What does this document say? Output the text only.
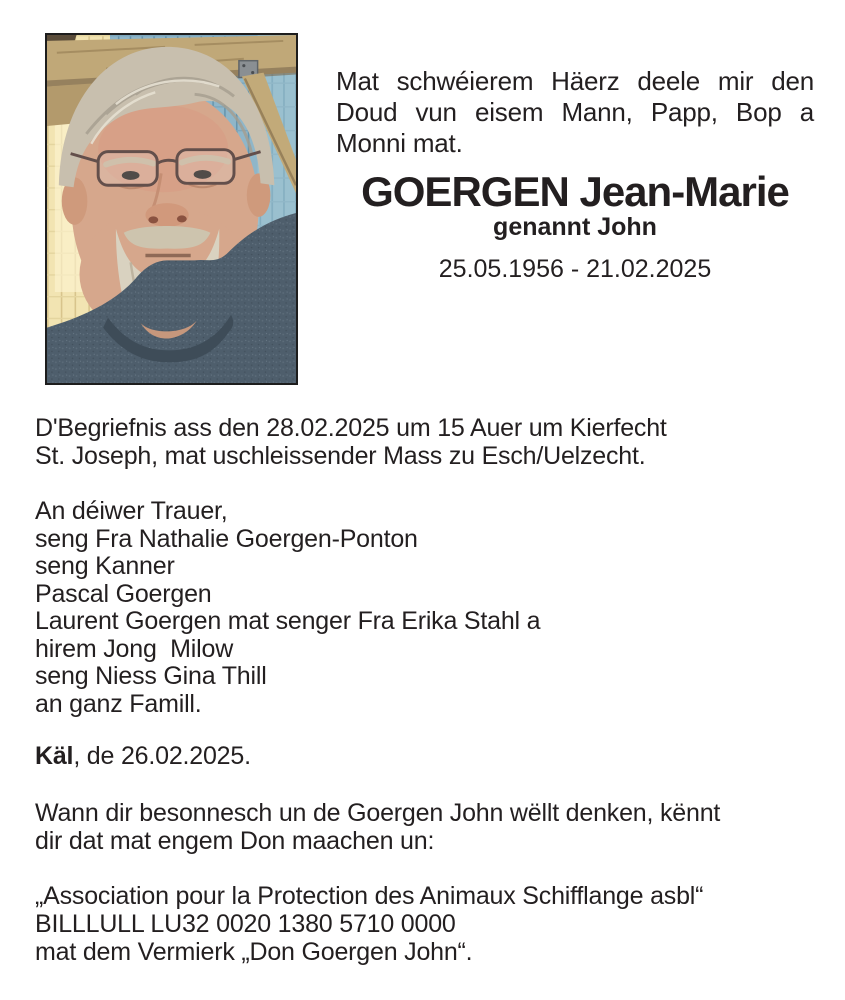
Mat schwéierem Häerz deele mir den Doud vun eisem Mann, Papp, Bop a Monni mat.

GOERGEN Jean-Marie
genannt John
25.05.1956 - 21.02.2025
D'Begriefnis ass den 28.02.2025 um 15 Auer um Kierfecht
St. Joseph, mat uschleissender Mass zu Esch/Uelzecht.
An déiwer Trauer,
seng Fra Nathalie Goergen-Ponton
seng Kanner
Pascal Goergen
Laurent Goergen mat senger Fra Erika Stahl a
hirem Jong  Milow
seng Niess Gina Thill
an ganz Famill.
Käl, de 26.02.2025.
Wann dir besonnesch un de Goergen John wëllt denken, kënnt
dir dat mat engem Don maachen un:
„Association pour la Protection des Animaux Schifflange asbl“
BILLLULL LU32 0020 1380 5710 0000
mat dem Vermierk „Don Goergen John“.
